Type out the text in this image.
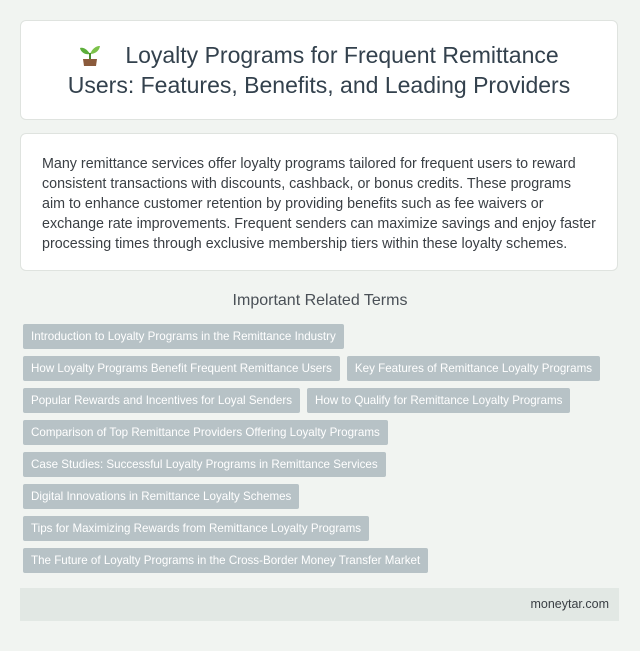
Loyalty Programs for Frequent Remittance Users: Features, Benefits, and Leading Providers

Many remittance services offer loyalty programs tailored for frequent users to reward consistent transactions with discounts, cashback, or bonus credits. These programs aim to enhance customer retention by providing benefits such as fee waivers or exchange rate improvements. Frequent senders can maximize savings and enjoy faster processing times through exclusive membership tiers within these loyalty schemes.

Important Related Terms
Introduction to Loyalty Programs in the Remittance Industry
How Loyalty Programs Benefit Frequent Remittance Users	Key Features of Remittance Loyalty Programs
Popular Rewards and Incentives for Loyal Senders	How to Qualify for Remittance Loyalty Programs
Comparison of Top Remittance Providers Offering Loyalty Programs
Case Studies: Successful Loyalty Programs in Remittance Services
Digital Innovations in Remittance Loyalty Schemes
Tips for Maximizing Rewards from Remittance Loyalty Programs
The Future of Loyalty Programs in the Cross-Border Money Transfer Market
moneytar.com
